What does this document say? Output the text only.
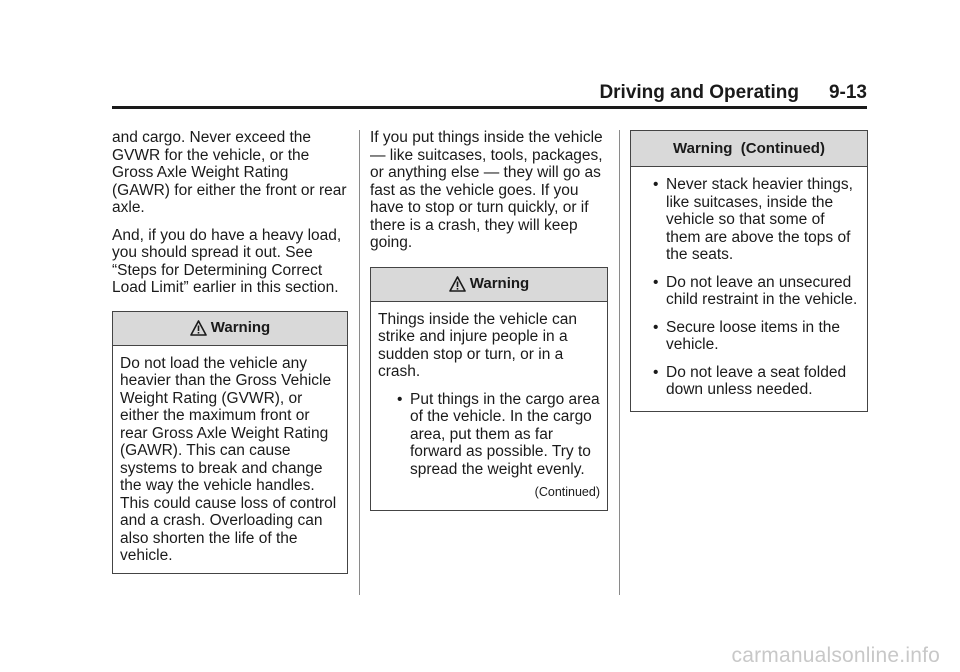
Driving and Operating 9-13

and cargo. Never exceed the GVWR for the vehicle, or the Gross Axle Weight Rating (GAWR) for either the front or rear axle.

And, if you do have a heavy load, you should spread it out. See “Steps for Determining Correct Load Limit” earlier in this section.

Warning

Do not load the vehicle any heavier than the Gross Vehicle Weight Rating (GVWR), or either the maximum front or rear Gross Axle Weight Rating (GAWR). This can cause systems to break and change the way the vehicle handles. This could cause loss of control and a crash. Overloading can also shorten the life of the vehicle.

If you put things inside the vehicle — like suitcases, tools, packages, or anything else — they will go as fast as the vehicle goes. If you have to stop or turn quickly, or if there is a crash, they will keep going.

Warning

Things inside the vehicle can strike and injure people in a sudden stop or turn, or in a crash.

• Put things in the cargo area of the vehicle. In the cargo area, put them as far forward as possible. Try to spread the weight evenly.
(Continued)
Warning  (Continued)
• Never stack heavier things, like suitcases, inside the vehicle so that some of them are above the tops of the seats.
• Do not leave an unsecured child restraint in the vehicle.
• Secure loose items in the vehicle.
• Do not leave a seat folded down unless needed.
carmanualsonline.info
